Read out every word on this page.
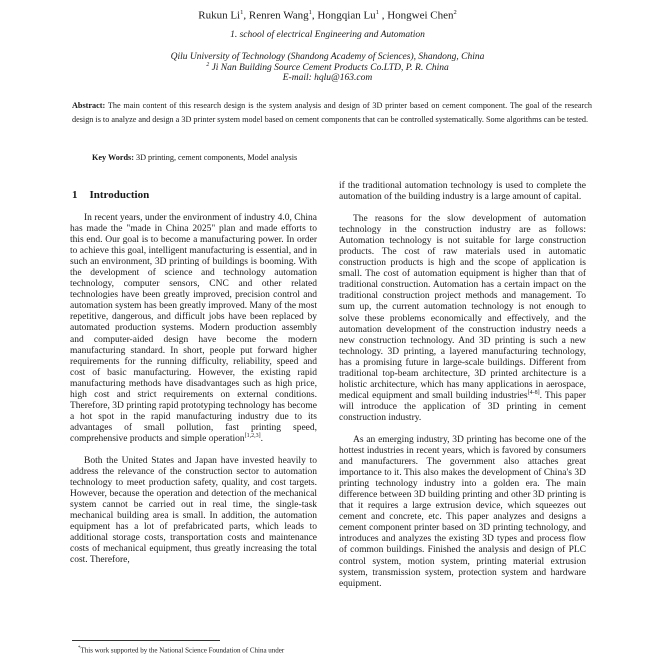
Rukun Li$^1$, Renren Wang$^1$, Hongqian Lu$^1$ , Hongwei Chen$^2$
1. school of electrical Engineering and Automation
Qilu University of Technology (Shandong Academy of Sciences), Shandong, China
$^2$ Ji Nan Building Source Cement Products Co.LTD, P. R. China
E-mail: hqlu@163.com
Abstract: The main content of this research design is the system analysis and design of 3D printer based on cement component. The goal of the research design is to analyze and design a 3D printer system model based on cement components that can be controlled systematically. Some algorithms can be tested.
Key Words: 3D printing, cement components, Model analysis
1 Introduction

In recent years, under the environment of industry 4.0, China has made the "made in China 2025" plan and made efforts to this end. Our goal is to become a manufacturing power. In order to achieve this goal, intelligent manufacturing is essential, and in such an environment, 3D printing of buildings is booming. With the development of science and technology automation technology, computer sensors, CNC and other related technologies have been greatly improved, precision control and automation system has been greatly improved. Many of the most repetitive, dangerous, and difficult jobs have been replaced by automated production systems. Modern production assembly and computer-aided design have become the modern manufacturing standard. In short, people put forward higher requirements for the running difficulty, reliability, speed and cost of basic manufacturing. However, the existing rapid manufacturing methods have disadvantages such as high price, high cost and strict requirements on external conditions. Therefore, 3D printing rapid prototyping technology has become a hot spot in the rapid manufacturing industry due to its advantages of small pollution, fast printing speed, comprehensive products and simple operation[1,2,3].

Both the United States and Japan have invested heavily to address the relevance of the construction sector to automation technology to meet production safety, quality, and cost targets. However, because the operation and detection of the mechanical system cannot be carried out in real time, the single-task mechanical building area is small. In addition, the automation equipment has a lot of prefabricated parts, which leads to additional storage costs, transportation costs and maintenance costs of mechanical equipment, thus greatly increasing the total cost. Therefore,

if the traditional automation technology is used to complete the automation of the building industry is a large amount of capital.

The reasons for the slow development of automation technology in the construction industry are as follows: Automation technology is not suitable for large construction products. The cost of raw materials used in automatic construction products is high and the scope of application is small. The cost of automation equipment is higher than that of traditional construction. Automation has a certain impact on the traditional construction project methods and management. To sum up, the current automation technology is not enough to solve these problems economically and effectively, and the automation development of the construction industry needs a new construction technology. And 3D printing is such a new technology. 3D printing, a layered manufacturing technology, has a promising future in large-scale buildings. Different from traditional top-beam architecture, 3D printed architecture is a holistic architecture, which has many applications in aerospace, medical equipment and small building industries[4-8]. This paper will introduce the application of 3D printing in cement construction industry.

As an emerging industry, 3D printing has become one of the hottest industries in recent years, which is favored by consumers and manufacturers. The government also attaches great importance to it. This also makes the development of China's 3D printing technology industry into a golden era. The main difference between 3D building printing and other 3D printing is that it requires a large extrusion device, which squeezes out cement and concrete, etc. This paper analyzes and designs a cement component printer based on 3D printing technology, and introduces and analyzes the existing 3D types and process flow of common buildings. Finished the analysis and design of PLC control system, motion system, printing material extrusion system, transmission system, protection system and hardware equipment.

*This work supported by the National Science Foundation of China under
